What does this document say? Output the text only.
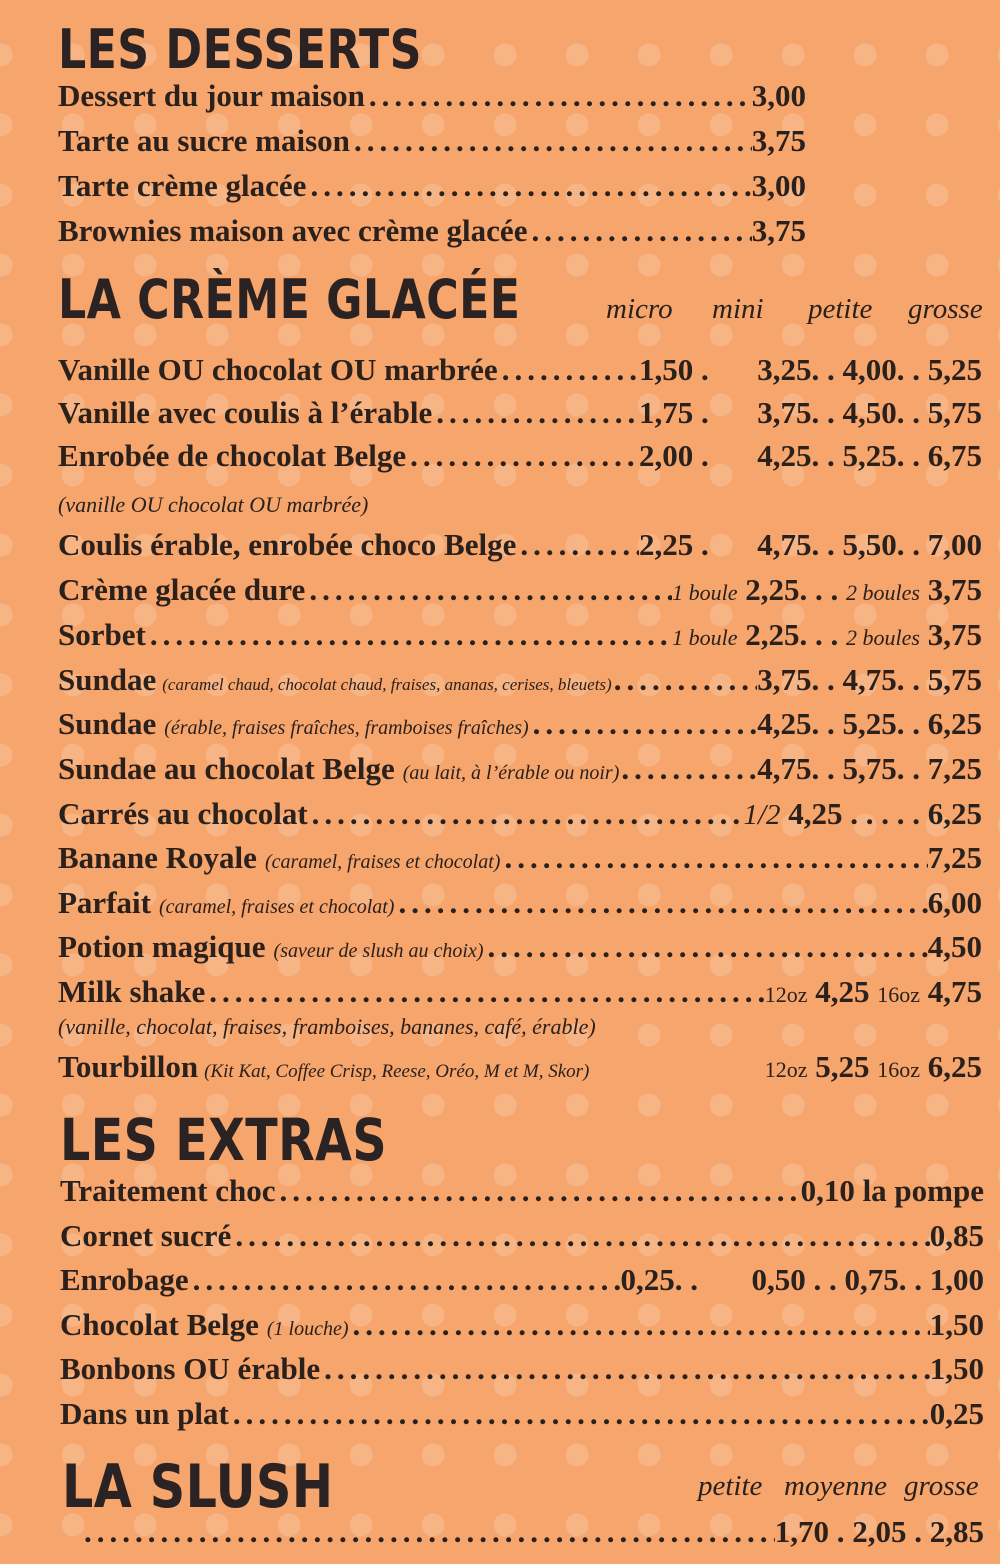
LES DESSERTS
Dessert du jour maison .....	3,00
Tarte au sucre maison .....	3,75
Tarte crème glacée .....	3,00
Brownies maison avec crème glacée .....	3,75
LA CRÈME GLACÉE	micro mini petite grosse
Vanille OU chocolat OU marbrée .....	1,50 . 3,25. . 4,00. . 5,25
Vanille avec coulis à l’érable .....	1,75 . 3,75. . 4,50. . 5,75
Enrobée de chocolat Belge .....	2,00 . 4,25. . 5,25. . 6,75
(vanille OU chocolat OU marbrée)
Coulis érable, enrobée choco Belge .....	2,25 . 4,75. . 5,50. . 7,00
Crème glacée dure .....	1 boule 2,25. . . 2 boules 3,75
Sorbet .....	1 boule 2,25. . . 2 boules 3,75
Sundae (caramel chaud, chocolat chaud, fraises, ananas, cerises, bleuets) .....	3,75. . 4,75. . 5,75
Sundae (érable, fraises fraîches, framboises fraîches) .....	4,25. . 5,25. . 6,25
Sundae au chocolat Belge (au lait, à l’érable ou noir) .....	4,75. . 5,75. . 7,25
Carrés au chocolat .....	1/2 4,25 . . . . . 6,25
Banane Royale (caramel, fraises et chocolat) .....	7,25
Parfait (caramel, fraises et chocolat) .....	6,00
Potion magique (saveur de slush au choix) .....	4,50
Milk shake .....	12oz 4,25 16oz 4,75
(vanille, chocolat, fraises, framboises, bananes, café, érable)
Tourbillon (Kit Kat, Coffee Crisp, Reese, Oréo, M et M, Skor)	12oz 5,25 16oz 6,25
LES EXTRAS
Traitement choc .....	0,10 la pompe
Cornet sucré .....	0,85
Enrobage .....	0,25. . 0,50 . . 0,75. . 1,00
Chocolat Belge (1 louche) .....	1,50
Bonbons OU érable .....	1,50
Dans un plat .....	0,25
LA SLUSH	petite moyenne grosse
.....
1,70 . 2,05 . 2,85
